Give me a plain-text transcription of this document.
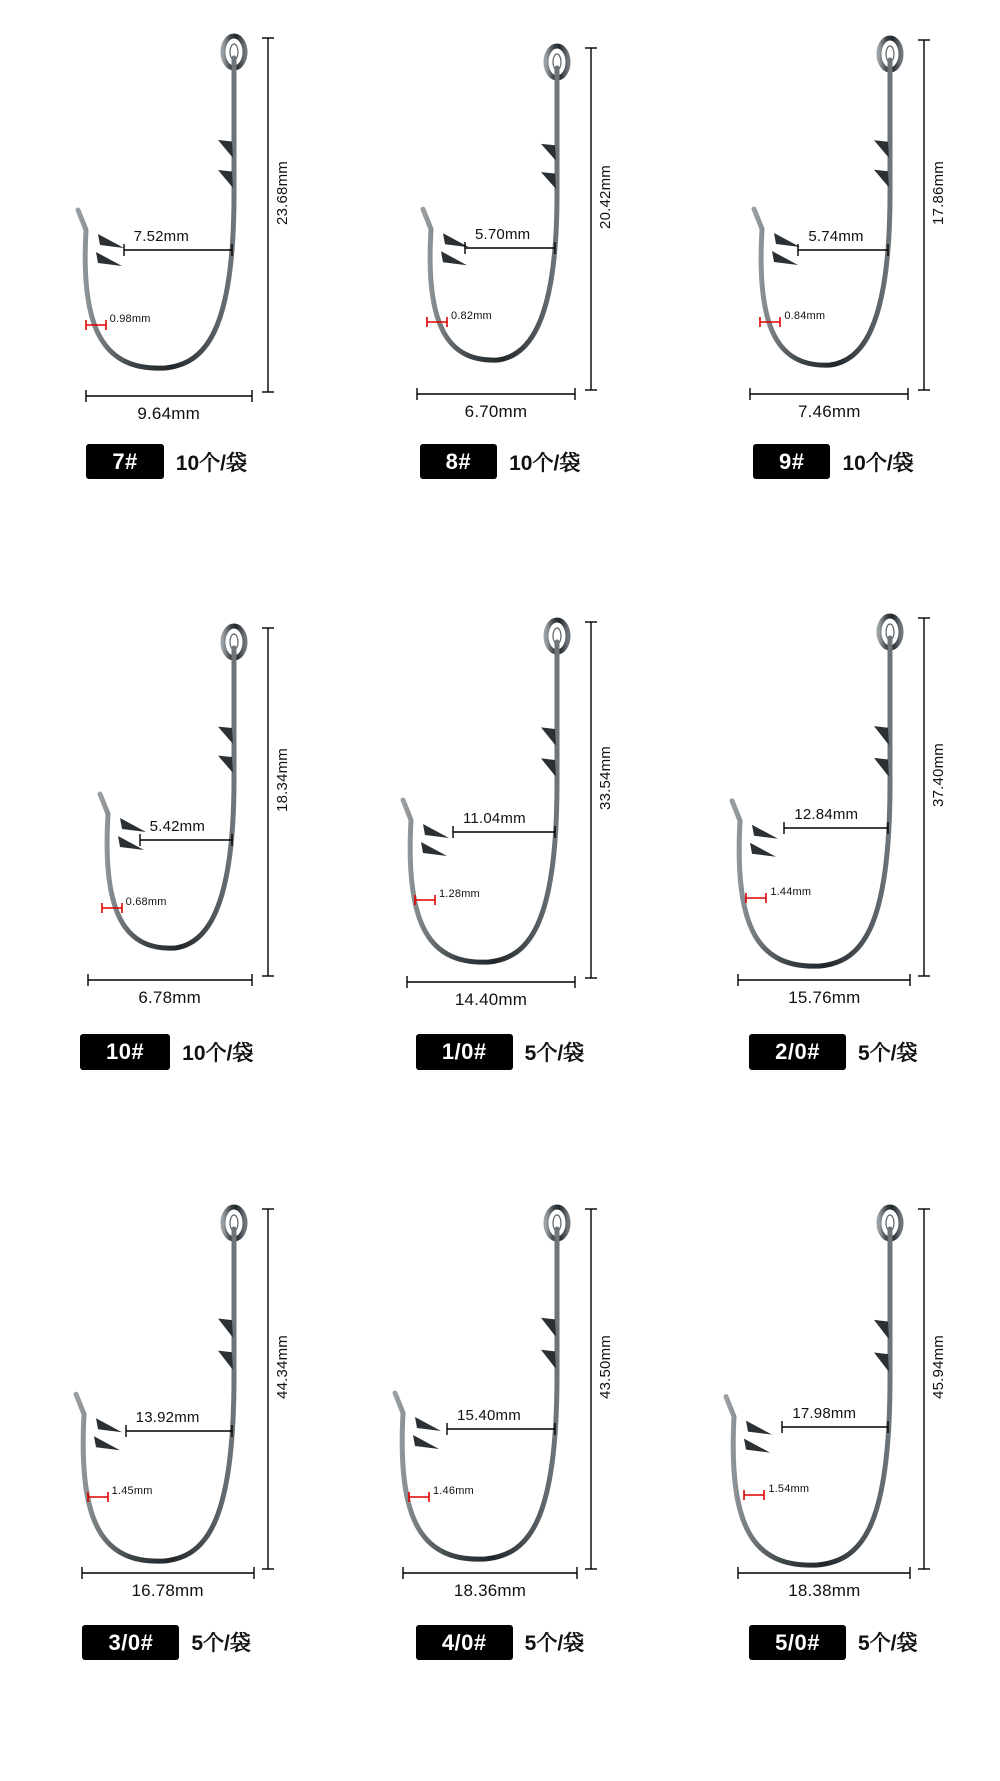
23.68mm
7.52mm
0.98mm
9.64mm
7#	10个/袋
20.42mm
5.70mm
0.82mm
6.70mm
8#	10个/袋
17.86mm
5.74mm
0.84mm
7.46mm
9#	10个/袋
18.34mm
5.42mm
0.68mm
6.78mm
10#	10个/袋
33.54mm
11.04mm
1.28mm
14.40mm
1/0#	5个/袋
37.40mm
12.84mm
1.44mm
15.76mm
2/0#	5个/袋
44.34mm
13.92mm
1.45mm
16.78mm
3/0#	5个/袋
43.50mm
15.40mm
1.46mm
18.36mm
4/0#	5个/袋
45.94mm
17.98mm
1.54mm
18.38mm
5/0#	5个/袋
